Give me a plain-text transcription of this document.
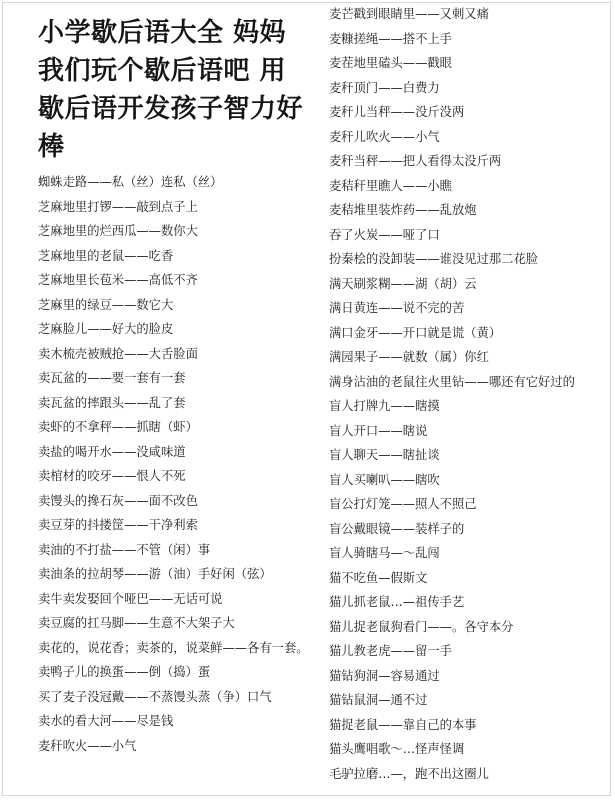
小学歇后语大全 妈妈我们玩个歇后语吧 用歇后语开发孩子智力好棒
蜘蛛走路——私（丝）连私（丝）
芝麻地里打锣——敲到点子上
芝麻地里的烂西瓜——数你大
芝麻地里的老鼠——吃香
芝麻地里长苞米——高低不齐
芝麻里的绿豆——数它大
芝麻脸儿——好大的脸皮
卖木梳壳被贼抢——大舌脸面
卖瓦盆的——要一套有一套
卖瓦盆的摔跟头——乱了套
卖虾的不拿秤——抓瞎（虾）
卖盐的喝开水——没咸味道
卖棺材的咬牙——恨人不死
卖馒头的搀石灰——面不改色
卖豆芽的抖搂筐——干净利索
卖油的不打盐——不管（闲）事
卖油条的拉胡琴——游（油）手好闲（弦）
卖牛卖发娶回个哑巴——无话可说
卖豆腐的扛马脚——生意不大架子大
卖花的，说花香；卖茶的，说菜鲜——各有一套。
卖鸭子儿的换蛋——倒（捣）蛋
买了麦子没冠戴——不蒸馒头蒸（争）口气
卖水的看大河——尽是钱
麦秆吹火——小气
麦芒戳到眼睛里——又刺又痛
麦糠搓绳——搭不上手
麦茬地里磕头——戳眼
麦秆顶门——白费力
麦秆儿当秤——没斤没两
麦秆儿吹火——小气
麦秆当秤——把人看得太没斤两
麦秸秆里瞧人——小瞧
麦秸堆里装炸药——乱放炮
吞了火炭——哑了口
扮秦桧的没卸装——谁没见过那二花脸
满天刷浆糊——湖（胡）云
满日黄连——说不完的苦
满口金牙——开口就是谎（黄）
满园果子——就数（属）你红
满身沾油的老鼠往火里钻——哪还有它好过的
盲人打牌九——瞎摸
盲人开口——瞎说
盲人聊天——瞎扯谈
盲人买喇叭——瞎吹
盲公打灯笼——照人不照己
盲公戴眼镜——装样子的
盲人骑瞎马—～乱闯
猫不吃鱼—假斯文
猫儿抓老鼠…—祖传手艺
猫儿捉老鼠狗看门——。各守本分
猫儿教老虎——留一手
猫钻狗洞—容易通过
猫钻鼠洞—通不过
猫捉老鼠——靠自己的本事
猫头鹰唱歌～…怪声怪调
毛驴拉磨…—，跑不出这圈儿
